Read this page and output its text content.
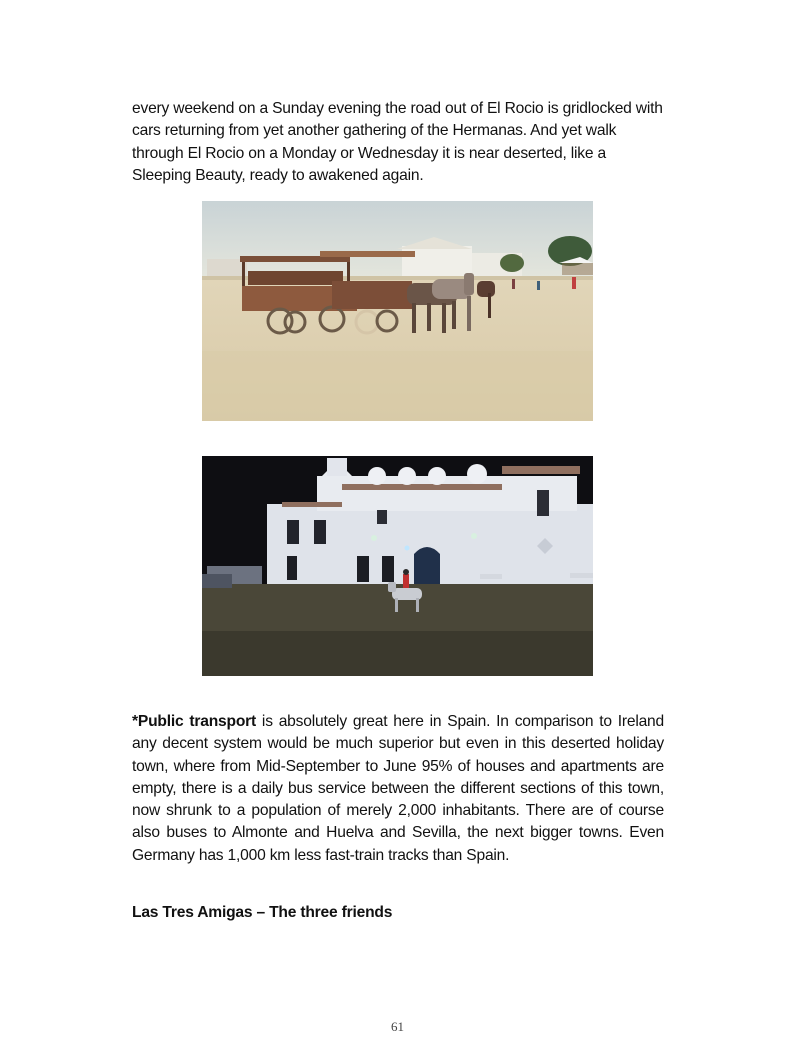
every weekend on a Sunday evening the road out of El Rocio is gridlocked with cars returning from yet another gathering of the Hermanas. And yet walk through El Rocio on a Monday or Wednesday it is near deserted, like a Sleeping Beauty, ready to awakened again.

*Public transport is absolutely great here in Spain. In comparison to Ireland any decent system would be much superior but even in this deserted holiday town, where from Mid-September to June 95% of houses and apartments are empty, there is a daily bus service between the different sections of this town, now shrunk to a population of merely 2,000 inhabitants. There are of course also buses to Almonte and Huelva and Sevilla, the next bigger towns. Even Germany has 1,000 km less fast-train tracks than Spain.

Las Tres Amigas – The three friends

61
